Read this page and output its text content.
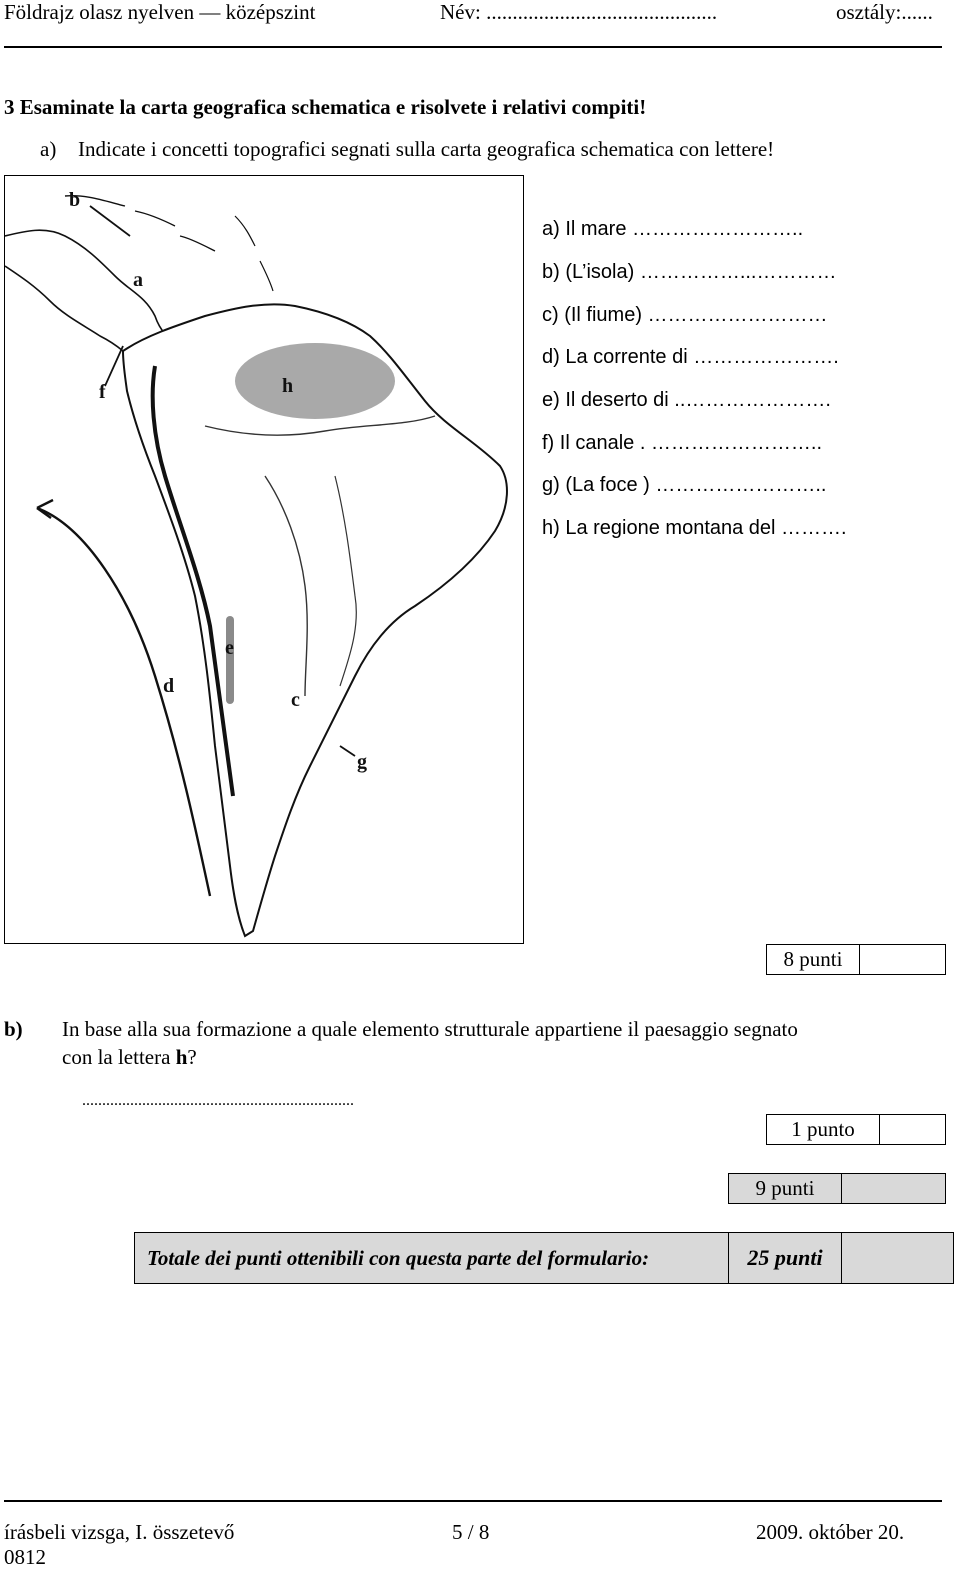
Földrajz olasz nyelven — középszint	Név: ............................................	osztály:......
3 Esaminate la carta geografica schematica e risolvete i relativi compiti!
a) Indicate i concetti topografici segnati sulla carta geografica schematica con lettere!
b
a
h
f
e
d
c
g
a) Il mare ……………………..
b) (L’isola) ……………...…………
c) (Il fiume) ………………………
d) La corrente di ………………….
e) Il deserto di ..………………….
f) Il canale . ……………………..
g) (La foce ) ……………………..
h) La regione montana del ……….
8 punti
b) In base alla sua formazione a quale elemento strutturale appartiene il paesaggio segnato
con la lettera h?
....................................................................
1 punto
9 punti
Totale dei punti ottenibili con questa parte del formulario:	25 punti
írásbeli vizsga, I. összetevő
0812
5 / 8	2009. október 20.
